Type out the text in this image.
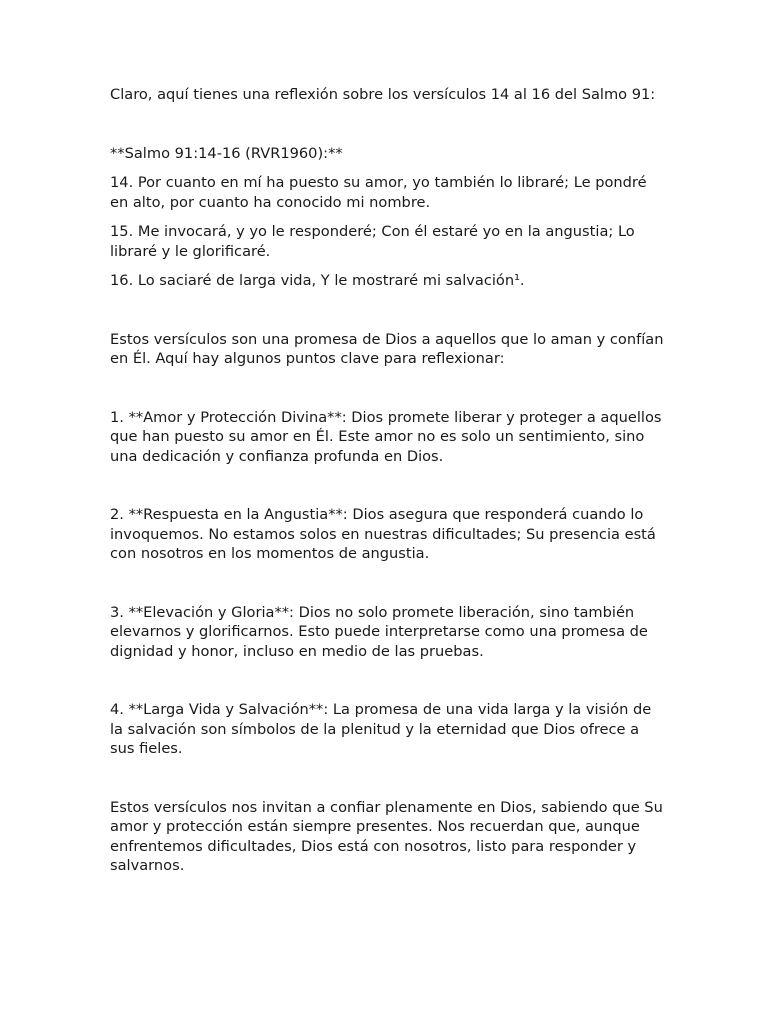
Claro, aquí tienes una reflexión sobre los versículos 14 al 16 del Salmo 91:

**Salmo 91:14-16 (RVR1960):**

14. Por cuanto en mí ha puesto su amor, yo también lo libraré; Le pondré en alto, por cuanto ha conocido mi nombre.

15. Me invocará, y yo le responderé; Con él estaré yo en la angustia; Lo libraré y le glorificaré.

16. Lo saciaré de larga vida, Y le mostraré mi salvación¹.

Estos versículos son una promesa de Dios a aquellos que lo aman y confían en Él. Aquí hay algunos puntos clave para reflexionar:

1. **Amor y Protección Divina**: Dios promete liberar y proteger a aquellos que han puesto su amor en Él. Este amor no es solo un sentimiento, sino una dedicación y confianza profunda en Dios.

2. **Respuesta en la Angustia**: Dios asegura que responderá cuando lo invoquemos. No estamos solos en nuestras dificultades; Su presencia está con nosotros en los momentos de angustia.

3. **Elevación y Gloria**: Dios no solo promete liberación, sino también elevarnos y glorificarnos. Esto puede interpretarse como una promesa de dignidad y honor, incluso en medio de las pruebas.

4. **Larga Vida y Salvación**: La promesa de una vida larga y la visión de la salvación son símbolos de la plenitud y la eternidad que Dios ofrece a sus fieles.

Estos versículos nos invitan a confiar plenamente en Dios, sabiendo que Su amor y protección están siempre presentes. Nos recuerdan que, aunque enfrentemos dificultades, Dios está con nosotros, listo para responder y salvarnos.
